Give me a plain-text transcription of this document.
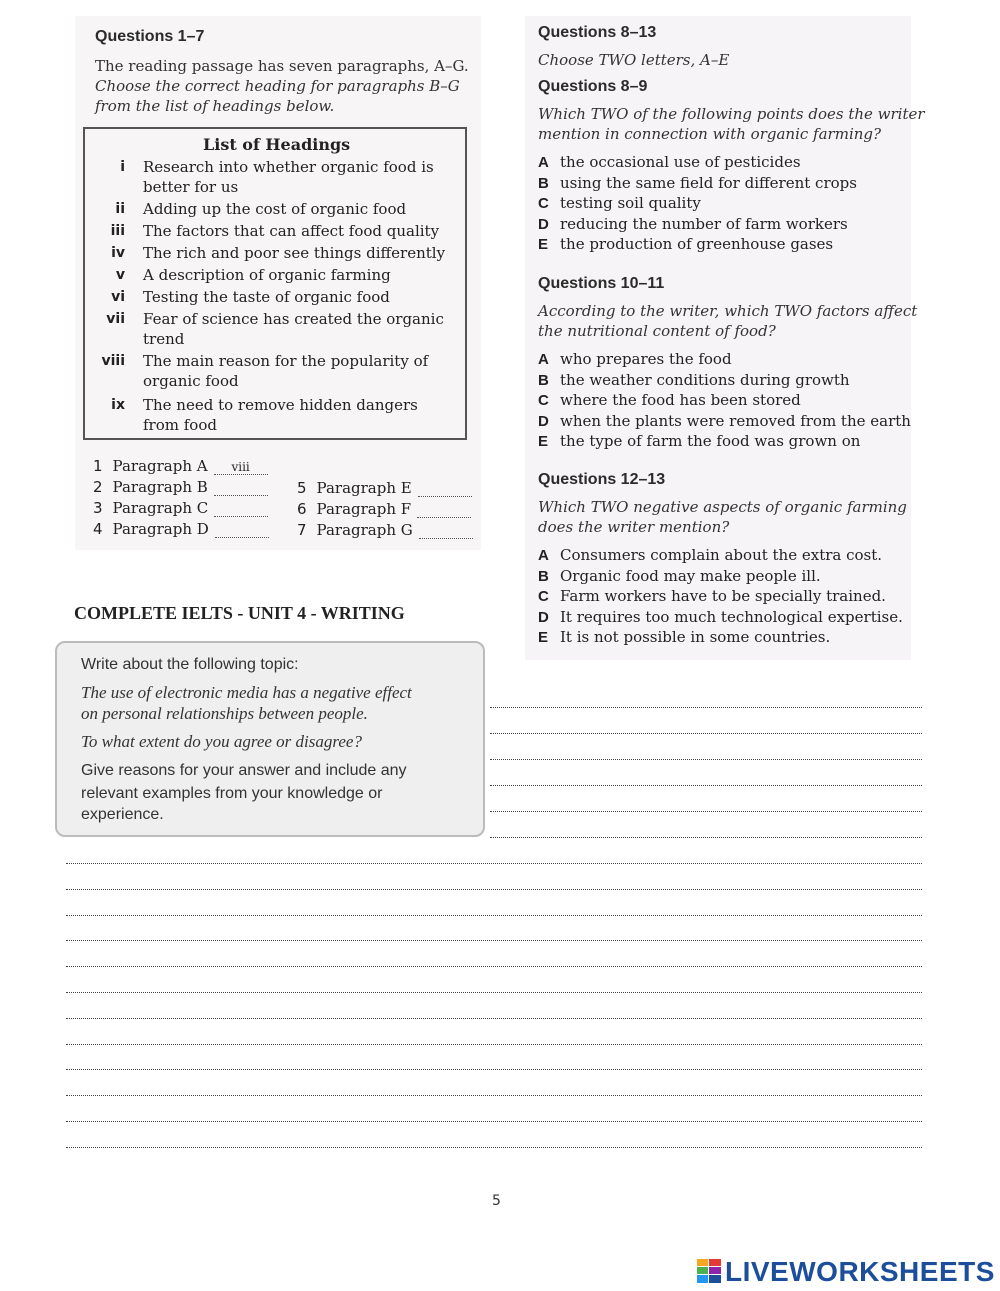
Questions 1–7
The reading passage has seven paragraphs, A–G.
Choose the correct heading for paragraphs B–G
from the list of headings below.
List of Headings
i Research into whether organic food is
better for us
ii Adding up the cost of organic food
iii The factors that can affect food quality
iv The rich and poor see things differently
v A description of organic farming
vi Testing the taste of organic food
vii Fear of science has created the organic
trend
viii The main reason for the popularity of
organic food
ix The need to remove hidden dangers
from food
1 Paragraph A viii
2 Paragraph B
3 Paragraph C
4 Paragraph D
5 Paragraph E
6 Paragraph F
7 Paragraph G
Questions 8–13
Choose TWO letters, A–E
Questions 8–9
Which TWO of the following points does the writer
mention in connection with organic farming?
A the occasional use of pesticides
B using the same field for different crops
C testing soil quality
D reducing the number of farm workers
E the production of greenhouse gases
Questions 10–11
According to the writer, which TWO factors affect
the nutritional content of food?
A who prepares the food
B the weather conditions during growth
C where the food has been stored
D when the plants were removed from the earth
E the type of farm the food was grown on
Questions 12–13
Which TWO negative aspects of organic farming
does the writer mention?
A Consumers complain about the extra cost.
B Organic food may make people ill.
C Farm workers have to be specially trained.
D It requires too much technological expertise.
E It is not possible in some countries.
COMPLETE IELTS - UNIT 4 - WRITING
Write about the following topic:
The use of electronic media has a negative effect
on personal relationships between people.
To what extent do you agree or disagree?
Give reasons for your answer and include any
relevant examples from your knowledge or
experience.
5
LIVEWORKSHEETS
